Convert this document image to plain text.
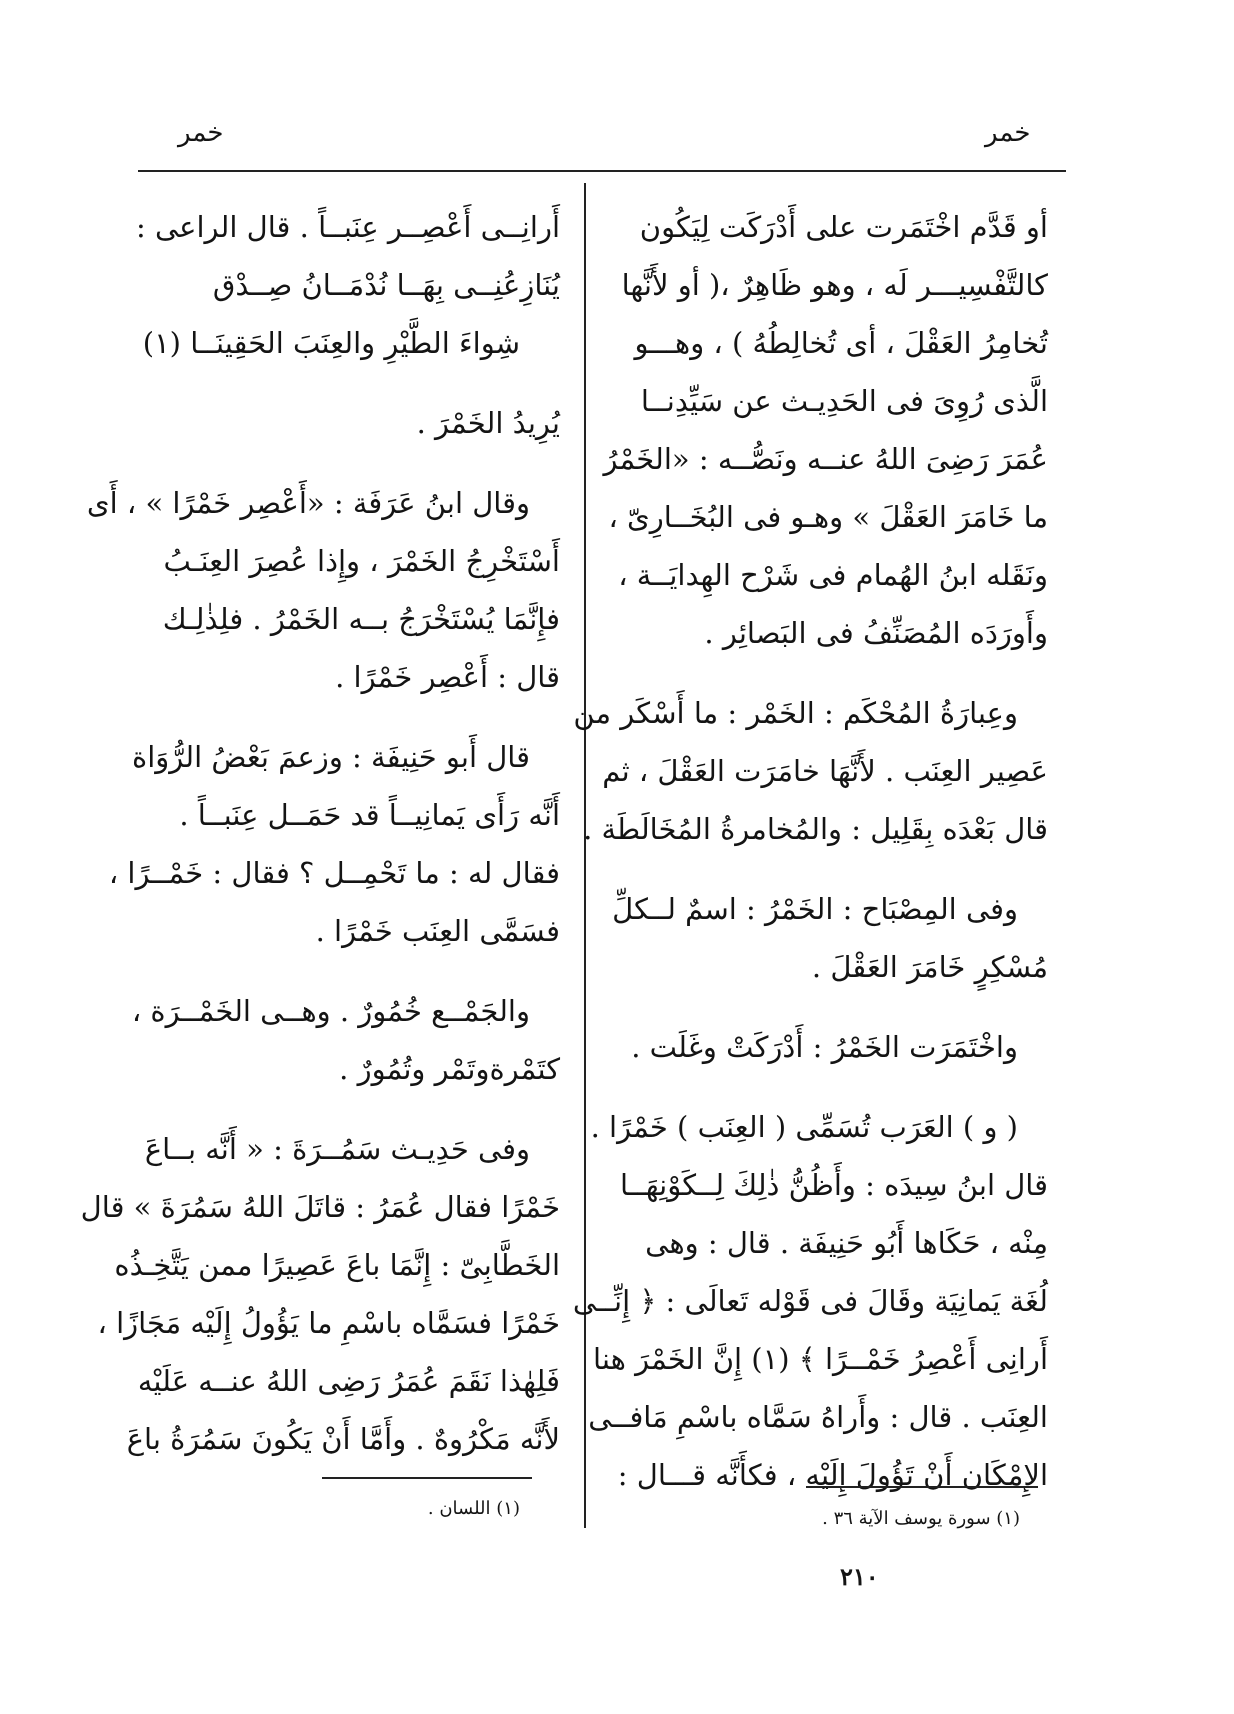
خمر	خمر
أو قَدَّم اخْتَمَرت على أَدْرَكَت لِيَكُون
كالتَّفْسِيـــر لَه ، وهو ظَاهِرٌ ،( أو لأَنَّها
تُخامِرُ العَقْلَ ، أى تُخالِطُهُ ) ، وهـــو
الَّذى رُوِىَ فى الحَدِيـث عن سَيِّدِنــا
عُمَرَ رَضِىَ اللهُ عنــه ونَصُّــه : «الخَمْرُ
ما خَامَرَ العَقْلَ » وهـو فى البُخَــارِىّ ،
ونَقَله ابنُ الهُمام فى شَرْح الهِدايَــة ،
وأَورَدَه المُصَنِّفُ فى البَصائِر .
وعِبارَةُ المُحْكَم : الخَمْر : ما أَسْكَر من
عَصِير العِنَب . لأَنَّهَا خامَرَت العَقْلَ ، ثم
قال بَعْدَه بِقَلِيل : والمُخامرةُ المُخَالَطَة .
وفى المِصْبَاح : الخَمْرُ : اسمٌ لــكلِّ
مُسْكِرٍ خَامَرَ العَقْلَ .
واخْتَمَرَت الخَمْرُ : أَدْرَكَتْ وغَلَت .
( و ) العَرَب تُسَمِّى ( العِنَب ) خَمْرًا .
قال ابنُ سِيدَه : وأَظُنُّ ذٰلِكَ لِــكَوْنِهَــا
مِنْه ، حَكَاها أَبُو حَنِيفَة . قال : وهى
لُغَة يَمانِيَة وقَالَ فى قَوْله تَعالَى : ﴿ إِنِّــى
أَرانِى أَعْصِرُ خَمْــرًا ﴾ (١) إِنَّ الخَمْرَ هنا
العِنَب . قال : وأَراهُ سَمَّاه باسْمِ مَافــى
الإِمْكَان أَنْ تَؤُولَ إِلَيْه ، فكأَنَّه قـــال :
أَرانِــى أَعْصِــر عِنَبــاً . قال الراعى :
يُنَازِعُنِــى بِهَــا نُدْمَــانُ صِــدْق
شِواءَ الطَّيْرِ والعِنَبَ الحَقِينَــا (١)
يُرِيدُ الخَمْرَ .
وقال ابنُ عَرَفَة : «أَعْصِر خَمْرًا » ، أَى
أَسْتَخْرِجُ الخَمْرَ ، وإِذا عُصِرَ العِنَـبُ
فإِنَّمَا يُسْتَخْرَجُ بــه الخَمْرُ . فلِذٰلِـك
قال : أَعْصِر خَمْرًا .
قال أَبو حَنِيفَة : وزعمَ بَعْضُ الرُّوَاة
أَنَّه رَأَى يَمانِيــاً قد حَمَــل عِنَبــاً .
فقال له : ما تَحْمِــل ؟ فقال : خَمْــرًا ،
فسَمَّى العِنَب خَمْرًا .
والجَمْــع خُمُورٌ . وهــى الخَمْــرَة ،
كتَمْرةوتَمْر وتُمُورٌ .
وفى حَدِيـث سَمُــرَةَ : « أَنَّه بــاعَ
خَمْرًا فقال عُمَرُ : قاتَلَ اللهُ سَمُرَةَ » قال
الخَطَّابِىّ : إِنَّمَا باعَ عَصِيرًا ممن يَتَّخِـذُه
خَمْرًا فسَمَّاه باسْمِ ما يَؤُولُ إِلَيْه مَجَازًا ،
فَلِهٰذا نَقَمَ عُمَرُ رَضِى اللهُ عنــه عَلَيْه
لأَنَّه مَكْرُوهٌ . وأَمَّا أَنْ يَكُونَ سَمُرَةُ باعَ
(١) سورة يوسف الآية ٣٦ .
(١) اللسان .
٢١٠
